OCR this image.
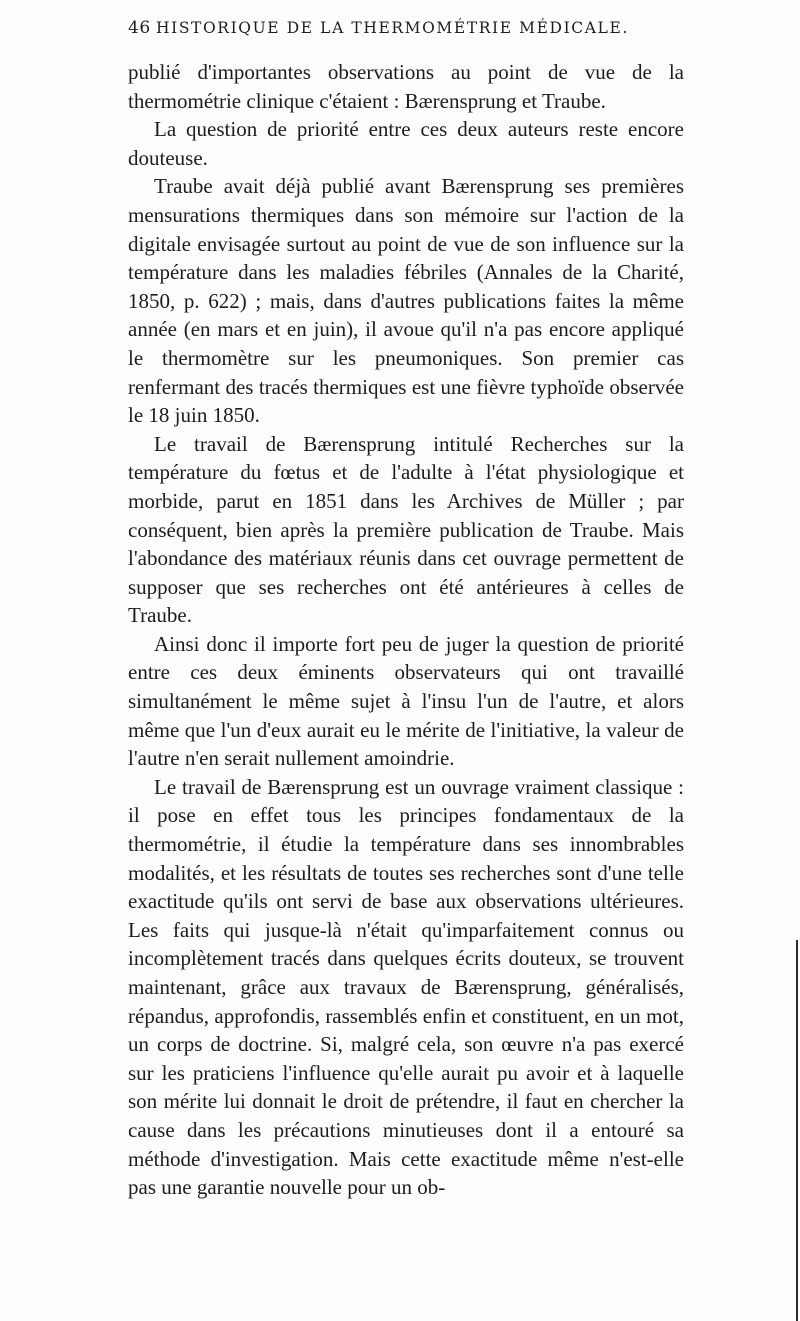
46 HISTORIQUE DE LA THERMOMÉTRIE MÉDICALE.

publié d'importantes observations au point de vue de la thermométrie clinique c'étaient : Bærensprung et Traube.

La question de priorité entre ces deux auteurs reste encore douteuse.

Traube avait déjà publié avant Bærensprung ses premières mensurations thermiques dans son mémoire sur l'action de la digitale envisagée surtout au point de vue de son influence sur la température dans les maladies fébriles (Annales de la Charité, 1850, p. 622) ; mais, dans d'autres publications faites la même année (en mars et en juin), il avoue qu'il n'a pas encore appliqué le thermomètre sur les pneumoniques. Son premier cas renfermant des tracés thermiques est une fièvre typhoïde observée le 18 juin 1850.

Le travail de Bærensprung intitulé Recherches sur la température du fœtus et de l'adulte à l'état physiologique et morbide, parut en 1851 dans les Archives de Müller ; par conséquent, bien après la première publication de Traube. Mais l'abondance des matériaux réunis dans cet ouvrage permettent de supposer que ses recherches ont été antérieures à celles de Traube.

Ainsi donc il importe fort peu de juger la question de priorité entre ces deux éminents observateurs qui ont travaillé simultanément le même sujet à l'insu l'un de l'autre, et alors même que l'un d'eux aurait eu le mérite de l'initiative, la valeur de l'autre n'en serait nullement amoindrie.

Le travail de Bærensprung est un ouvrage vraiment classique : il pose en effet tous les principes fondamentaux de la thermométrie, il étudie la température dans ses innombrables modalités, et les résultats de toutes ses recherches sont d'une telle exactitude qu'ils ont servi de base aux observations ultérieures. Les faits qui jusque-là n'était qu'imparfaitement connus ou incomplètement tracés dans quelques écrits douteux, se trouvent maintenant, grâce aux travaux de Bærensprung, généralisés, répandus, approfondis, rassemblés enfin et constituent, en un mot, un corps de doctrine. Si, malgré cela, son œuvre n'a pas exercé sur les praticiens l'influence qu'elle aurait pu avoir et à laquelle son mérite lui donnait le droit de prétendre, il faut en chercher la cause dans les précautions minutieuses dont il a entouré sa méthode d'investigation. Mais cette exactitude même n'est-elle pas une garantie nouvelle pour un ob-
